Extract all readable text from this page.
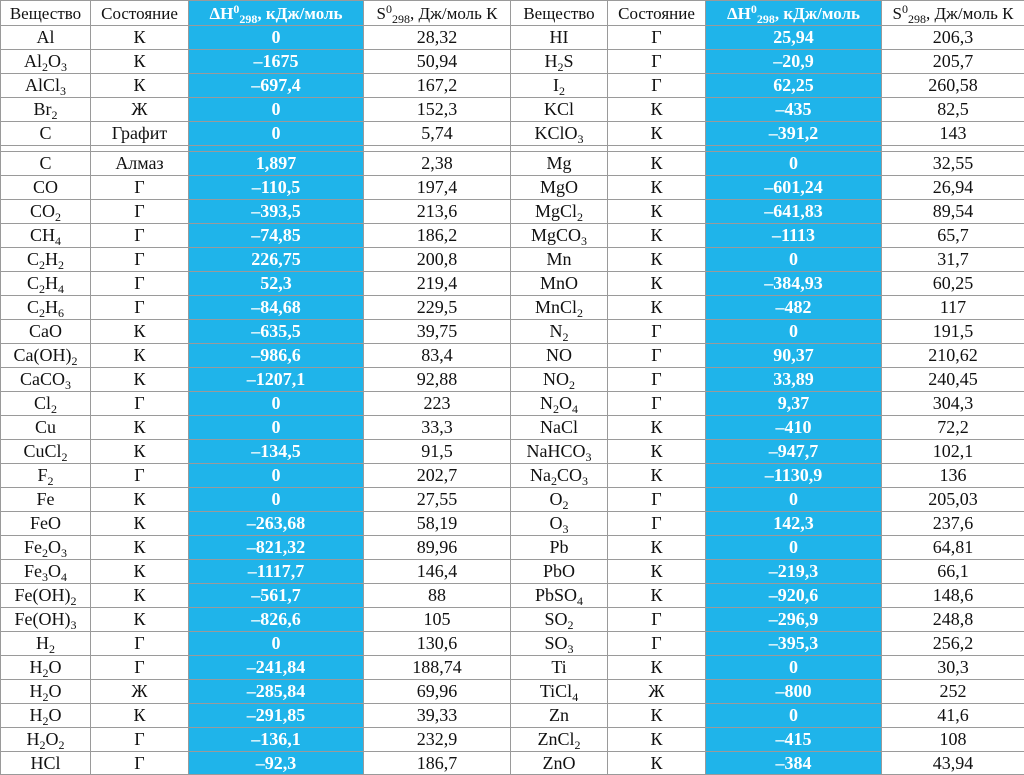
Вещество	Состояние	$\Delta H^0_{298}$, кДж/моль	$S^0_{298}$, Дж/моль К	Вещество	Состояние	$\Delta H^0_{298}$, кДж/моль	$S^0_{298}$, Дж/моль К
Al	К	0	28,32	HI	Г	25,94	206,3
$Al_2O_3$	К	–1675	50,94	$H_2S$	Г	–20,9	205,7
AlCl$_3$	К	–697,4	167,2	$I_2$	Г	62,25	260,58
$Br_2$	Ж	0	152,3	KCl	К	–435	82,5
C	Графит	0	5,74	KClO$_3$	К	–391,2	143

C	Алмаз	1,897	2,38	Mg	К	0	32,55
CO	Г	–110,5	197,4	MgO	К	–601,24	26,94
$CO_2$	Г	–393,5	213,6	MgCl$_2$	К	–641,83	89,54
$CH_4$	Г	–74,85	186,2	MgCO$_3$	К	–1113	65,7
$C_2H_2$	Г	226,75	200,8	Mn	К	0	31,7
$C_2H_4$	Г	52,3	219,4	MnO	К	–384,93	60,25
$C_2H_6$	Г	–84,68	229,5	MnCl$_2$	К	–482	117
CaO	К	–635,5	39,75	$N_2$	Г	0	191,5
$Ca(OH)_2$	К	–986,6	83,4	NO	Г	90,37	210,62
CaCO$_3$	К	–1207,1	92,88	$NO_2$	Г	33,89	240,45
$Cl_2$	Г	0	223	$N_2O_4$	Г	9,37	304,3
Cu	К	0	33,3	NaCl	К	–410	72,2
CuCl$_2$	К	–134,5	91,5	NaHCO$_3$	К	–947,7	102,1
$F_2$	Г	0	202,7	$Na_2CO_3$	К	–1130,9	136
Fe	К	0	27,55	$O_2$	Г	0	205,03
FeO	К	–263,68	58,19	$O_3$	Г	142,3	237,6
$Fe_2O_3$	К	–821,32	89,96	Pb	К	0	64,81
$Fe_3O_4$	К	–1117,7	146,4	PbO	К	–219,3	66,1
$Fe(OH)_2$	К	–561,7	88	PbSO$_4$	К	–920,6	148,6
$Fe(OH)_3$	К	–826,6	105	$SO_2$	Г	–296,9	248,8
$H_2$	Г	0	130,6	$SO_3$	Г	–395,3	256,2
$H_2O$	Г	–241,84	188,74	Ti	К	0	30,3
$H_2O$	Ж	–285,84	69,96	TiCl$_4$	Ж	–800	252
$H_2O$	К	–291,85	39,33	Zn	К	0	41,6
$H_2O_2$	Г	–136,1	232,9	ZnCl$_2$	К	–415	108
HCl	Г	–92,3	186,7	ZnO	К	–384	43,94
